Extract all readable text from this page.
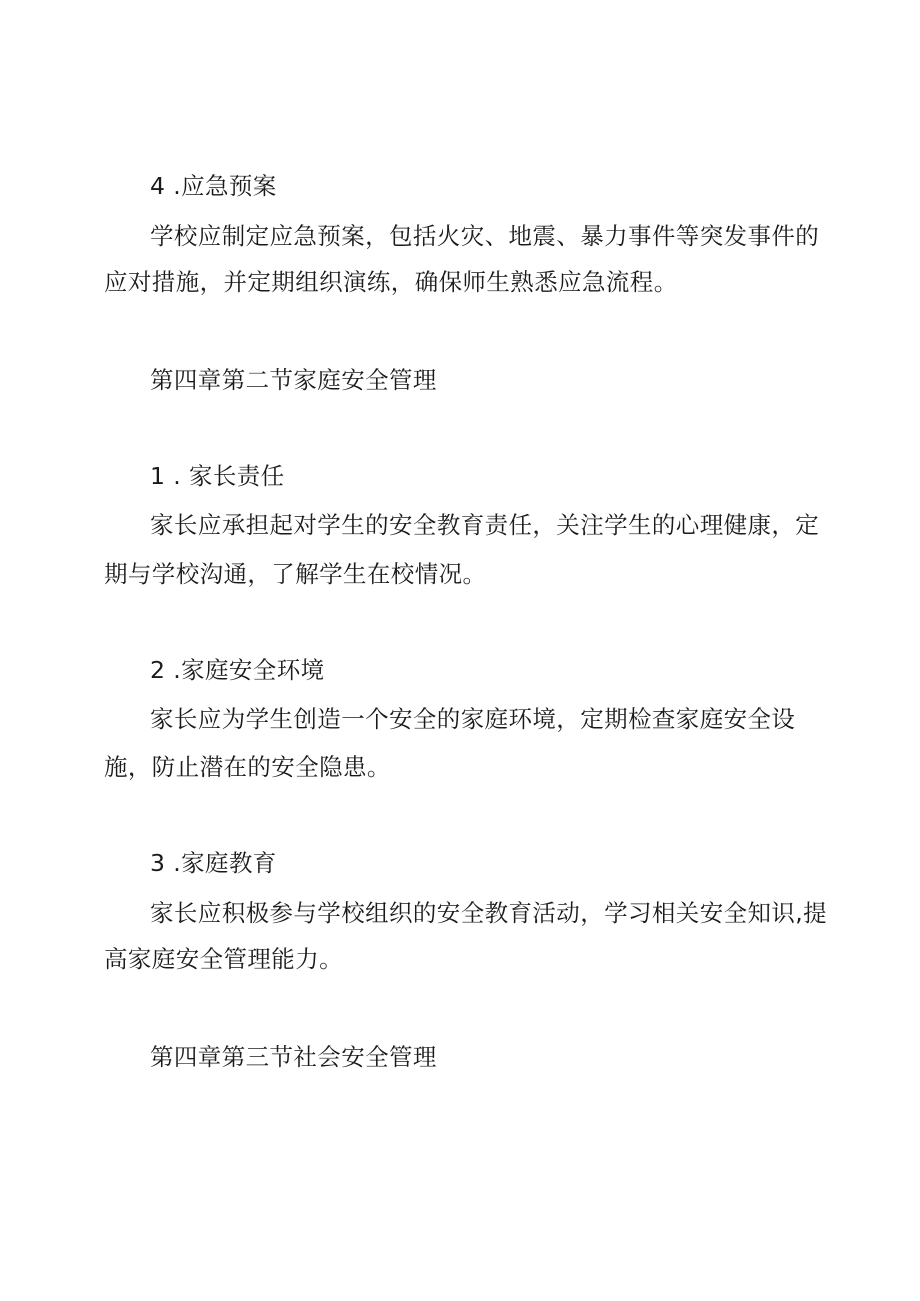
4 .应急预案
学校应制定应急预案，包括火灾、地震、暴力事件等突发事件的
应对措施，并定期组织演练，确保师生熟悉应急流程。
第四章第二节家庭安全管理
1 . 家长责任
家长应承担起对学生的安全教育责任，关注学生的心理健康，定
期与学校沟通，了解学生在校情况。
2 .家庭安全环境
家长应为学生创造一个安全的家庭环境，定期检查家庭安全设
施，防止潜在的安全隐患。
3 .家庭教育
家长应积极参与学校组织的安全教育活动，学习相关安全知识,提
高家庭安全管理能力。
第四章第三节社会安全管理
